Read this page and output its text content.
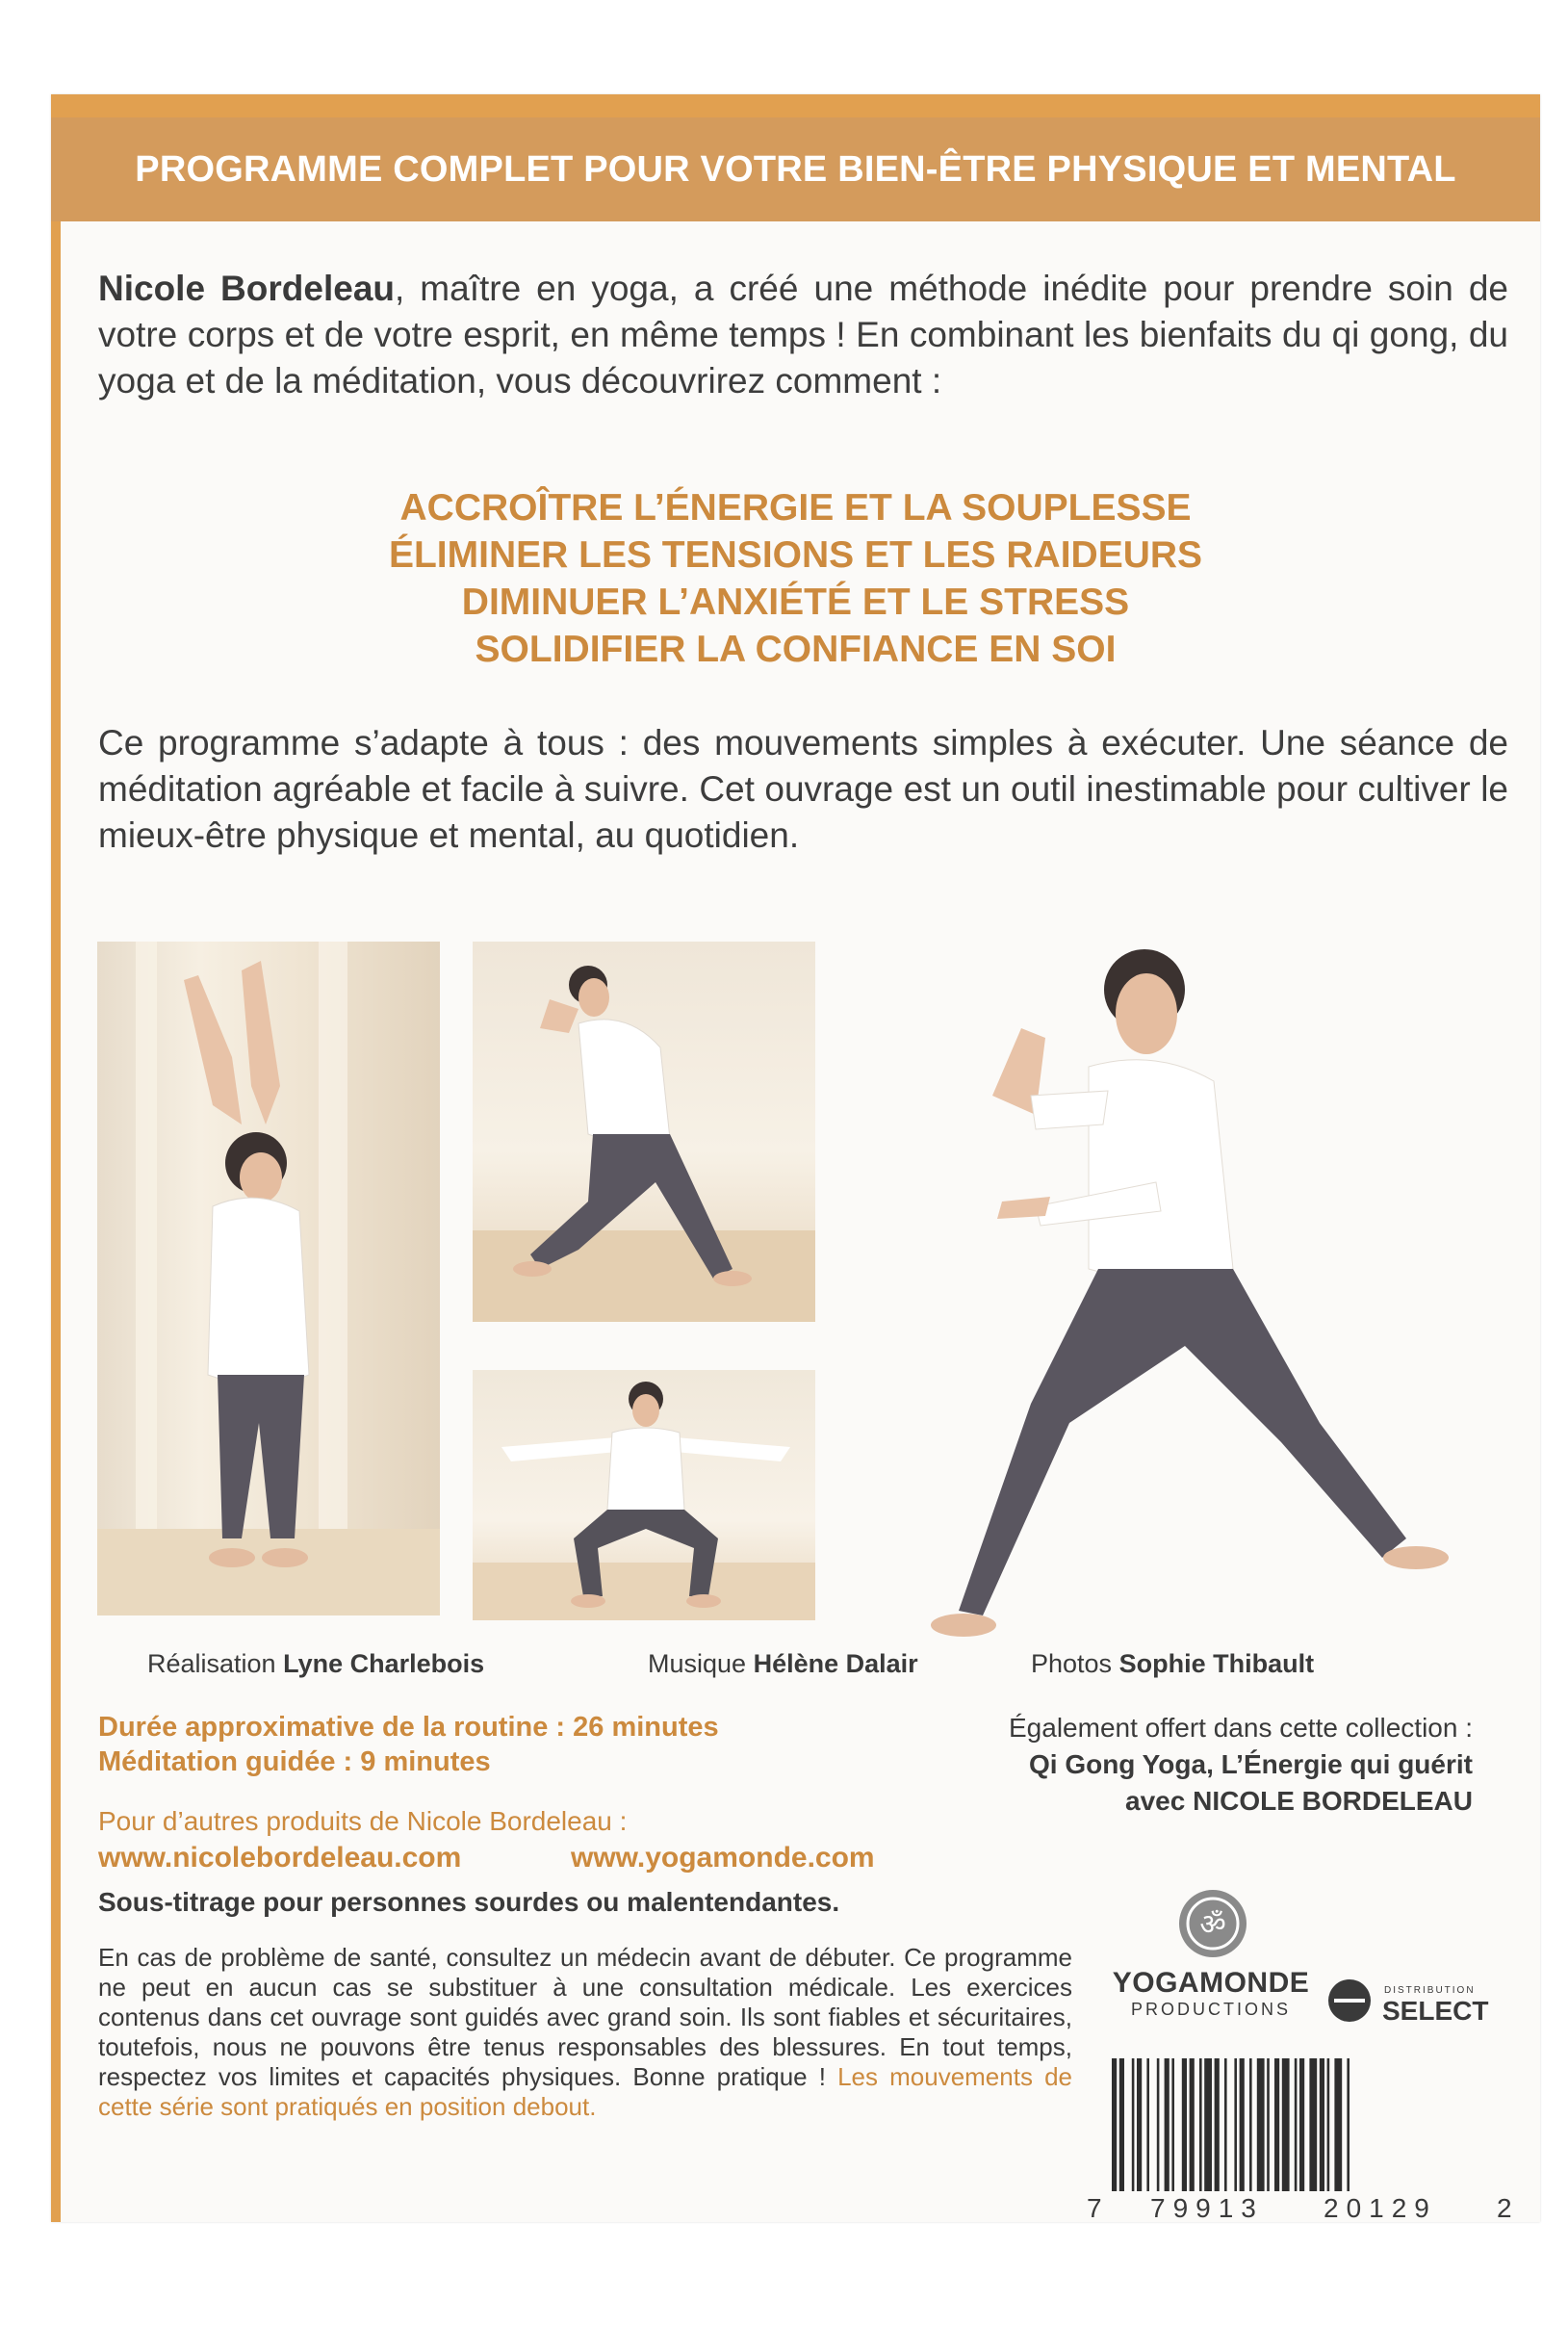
PROGRAMME COMPLET POUR VOTRE BIEN-ÊTRE PHYSIQUE ET MENTAL
Nicole Bordeleau, maître en yoga, a créé une méthode inédite pour prendre soin de votre corps et de votre esprit, en même temps ! En combinant les bienfaits du qi gong, du yoga et de la méditation, vous découvrirez comment :
ACCROÎTRE L’ÉNERGIE ET LA SOUPLESSE
ÉLIMINER LES TENSIONS ET LES RAIDEURS
DIMINUER L’ANXIÉTÉ ET LE STRESS
SOLIDIFIER LA CONFIANCE EN SOI
Ce programme s’adapte à tous : des mouvements simples à exécuter. Une séance de méditation agréable et facile à suivre. Cet ouvrage est un outil inestimable pour cultiver le mieux-être physique et mental, au quotidien.
Réalisation Lyne Charlebois	Musique Hélène Dalair	Photos Sophie Thibault
Durée approximative de la routine : 26 minutes
Méditation guidée : 9 minutes
Également offert dans cette collection :
Qi Gong Yoga, L’Énergie qui guérit
avec NICOLE BORDELEAU
Pour d’autres produits de Nicole Bordeleau :
www.nicolebordeleau.com	www.yogamonde.com
Sous-titrage pour personnes sourdes ou malentendantes.
En cas de problème de santé, consultez un médecin avant de débuter. Ce programme ne peut en aucun cas se substituer à une consultation médicale. Les exercices contenus dans cet ouvrage sont guidés avec grand soin. Ils sont fiables et sécuritaires, toutefois, nous ne pouvons être tenus responsables des blessures. En tout temps, respectez vos limites et capacités physiques. Bonne pratique ! Les mouvements de cette série sont pratiqués en position debout.
ॐ
YOGAMONDE
PRODUCTIONS
DISTRIBUTION
SELECT
7 79913 20129 2
